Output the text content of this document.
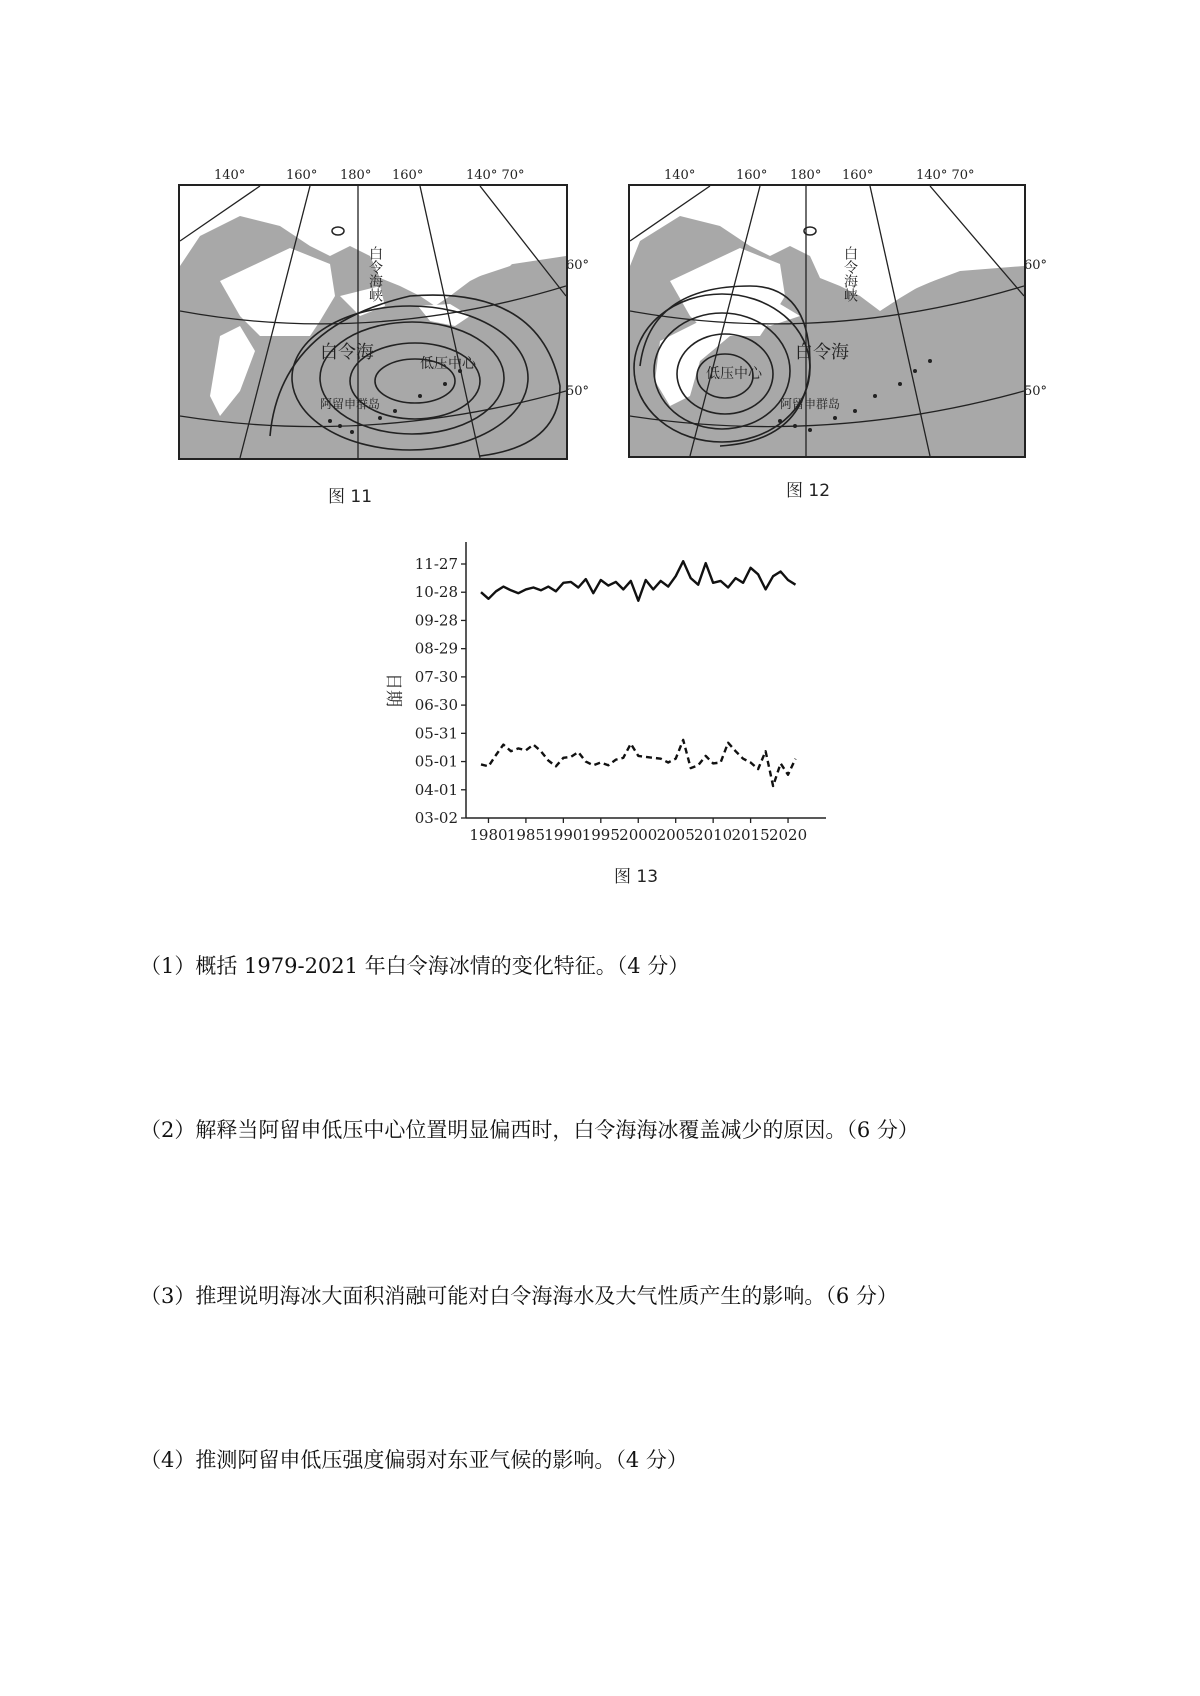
140°	160° 180° 160°	140° 70°
白令海峡
白令海
低压中心
阿留申群岛
60°
50°
图 11
140°	160° 180° 160°	140° 70°
白令海峡
白令海
低压中心
阿留申群岛
60°
50°
图 12
03-02
04-01
05-01
05-31
06-30
07-30
08-29
09-28
10-28
11-27
1980 1985 1990 1995 2000 2005 2010 2015 2020
日期
图 13
（1）概括 1979-2021 年白令海冰情的变化特征。（4 分）
（2）解释当阿留申低压中心位置明显偏西时，白令海海冰覆盖减少的原因。（6 分）
（3）推理说明海冰大面积消融可能对白令海海水及大气性质产生的影响。（6 分）
（4）推测阿留申低压强度偏弱对东亚气候的影响。（4 分）
